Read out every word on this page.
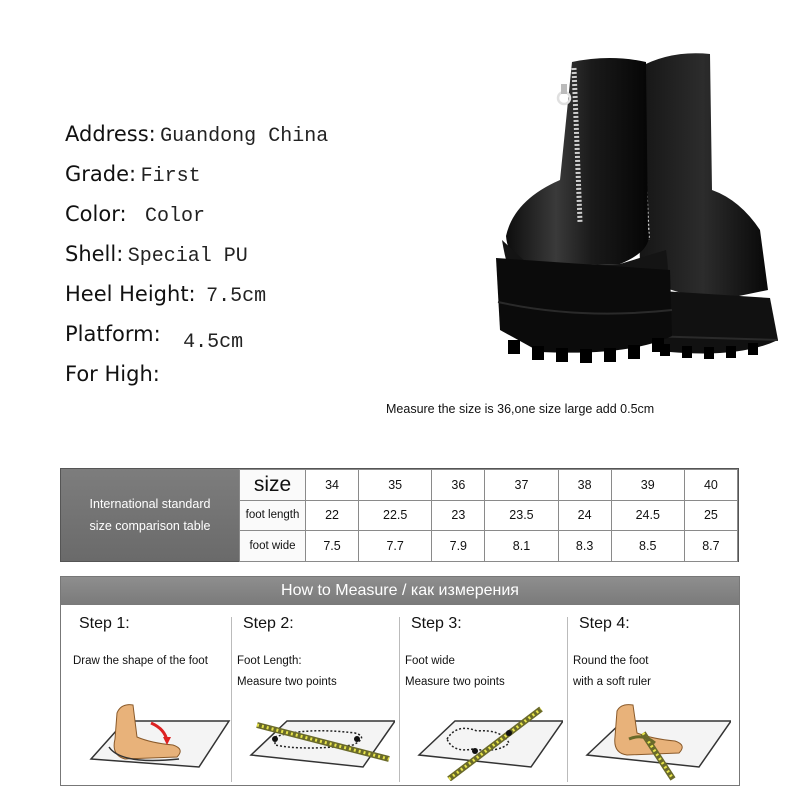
Address: Guandong China
Grade: First
Color: Color
Shell: Special PU
Heel Height: 7.5cm
Platform: 4.5cm
For High:
Measure the size is 36,one size large add 0.5cm
International standard
size comparison table
size	34	35	36	37	38	39	40
foot length	22	22.5	23	23.5	24	24.5	25
foot wide	7.5	7.7	7.9	8.1	8.3	8.5	8.7
How to Measure / как измерения
Step 1:
Draw the shape of the foot
Step 2:
Foot Length:
Measure two points
Step 3:
Foot wide
Measure two points
Step 4:
Round the foot
with a soft ruler
